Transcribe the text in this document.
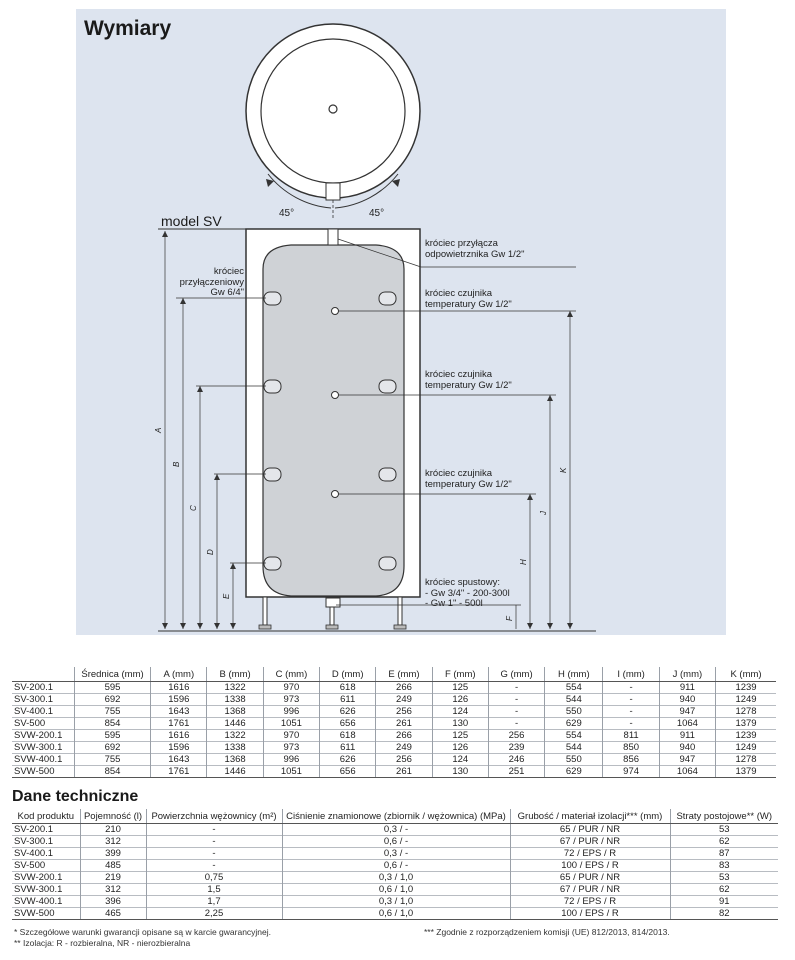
45°	45°
A
B
C
D
E
F
H
J
K
Wymiary
model SV
króciec przyłącza
odpowietrznika Gw 1/2"
króciec
przyłączeniowy
Gw 6/4"	króciec czujnika
temperatury Gw 1/2"
króciec czujnika
temperatury Gw 1/2"
króciec czujnika
temperatury Gw 1/2"
króciec spustowy:
- Gw 3/4" - 200-300l
- Gw 1" - 500l
	Średnica (mm)	A (mm)	B (mm)	C (mm)	D (mm)	E (mm)	F (mm)	G (mm)	H (mm)	I (mm)	J (mm)	K (mm)
SV-200.1	595	1616	1322	970	618	266	125	-	554	-	911	1239
SV-300.1	692	1596	1338	973	611	249	126	-	544	-	940	1249
SV-400.1	755	1643	1368	996	626	256	124	-	550	-	947	1278
SV-500	854	1761	1446	1051	656	261	130	-	629	-	1064	1379
SVW-200.1	595	1616	1322	970	618	266	125	256	554	811	911	1239
SVW-300.1	692	1596	1338	973	611	249	126	239	544	850	940	1249
SVW-400.1	755	1643	1368	996	626	256	124	246	550	856	947	1278
SVW-500	854	1761	1446	1051	656	261	130	251	629	974	1064	1379
Dane techniczne
Kod produktu	Pojemność (l)	Powierzchnia wężownicy (m²)	Ciśnienie znamionowe (zbiornik / wężownica) (MPa)	Grubość / materiał izolacji*** (mm)	Straty postojowe** (W)
SV-200.1	210	-	0,3 / -	65 / PUR / NR	53
SV-300.1	312	-	0,6 / -	67 / PUR / NR	62
SV-400.1	399	-	0,3 / -	72 / EPS / R	87
SV-500	485	-	0,6 / -	100 / EPS / R	83
SVW-200.1	219	0,75	0,3 / 1,0	65 / PUR / NR	53
SVW-300.1	312	1,5	0,6 / 1,0	67 / PUR / NR	62
SVW-400.1	396	1,7	0,3 / 1,0	72 / EPS / R	91
SVW-500	465	2,25	0,6 / 1,0	100 / EPS / R	82
* Szczegółowe warunki gwarancji opisane są w karcie gwarancyjnej.
** Izolacja: R - rozbieralna, NR - nierozbieralna
*** Zgodnie z rozporządzeniem komisji (UE) 812/2013, 814/2013.
